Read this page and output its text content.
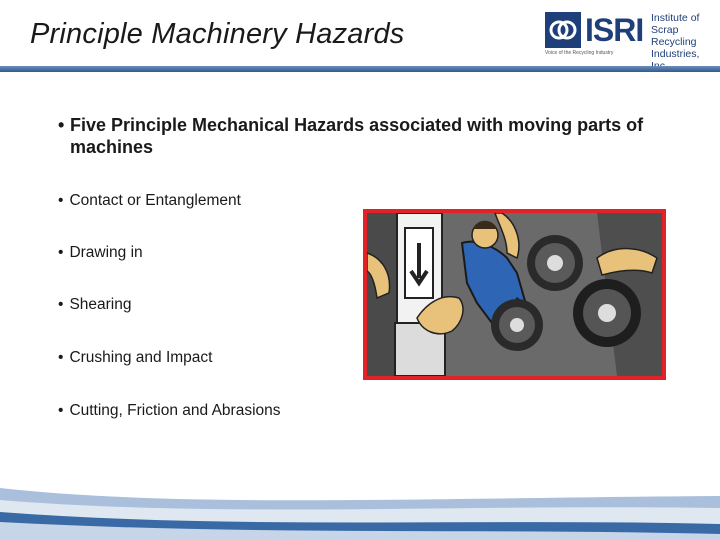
Principle Machinery Hazards	ISRI Institute of
Scrap Recycling
Industries,
Voice of the Recycling Industry
• Five Principle Mechanical Hazards associated with moving parts of machines
• Contact or Entanglement
• Drawing in
• Shearing
• Crushing and Impact
• Cutting, Friction and Abrasions
